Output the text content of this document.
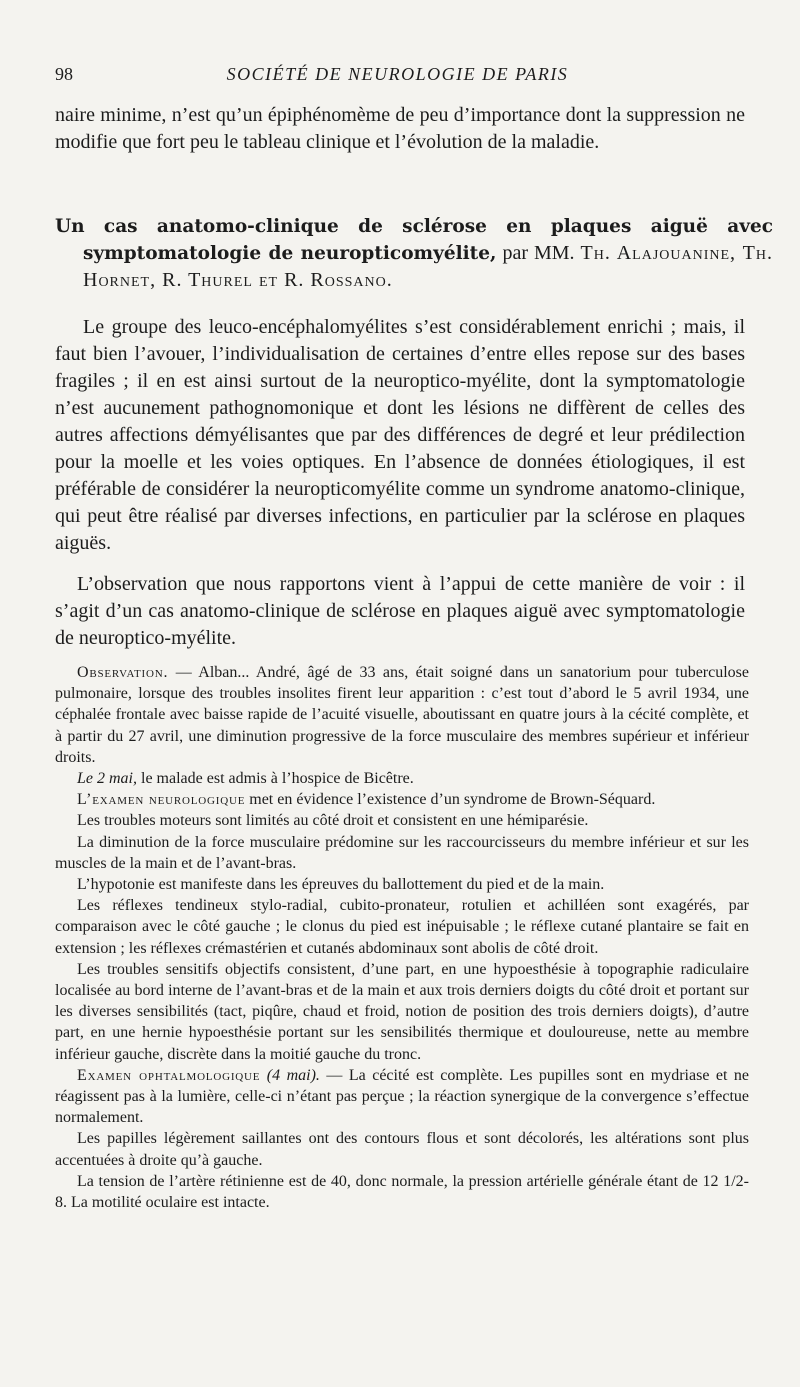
98	SOCIÉTÉ DE NEUROLOGIE DE PARIS

naire minime, n’est qu’un épiphénomème de peu d’importance dont la suppression ne modifie que fort peu le tableau clinique et l’évolution de la maladie.

Un cas anatomo-clinique de sclérose en plaques aiguë avec symptomatologie de neuropticomyélite, par MM. Th. Alajouanine, Th. Hornet, R. Thurel et R. Rossano.

Le groupe des leuco-encéphalomyélites s’est considérablement enrichi ; mais, il faut bien l’avouer, l’individualisation de certaines d’entre elles repose sur des bases fragiles ; il en est ainsi surtout de la neuroptico-myélite, dont la symptomatologie n’est aucunement pathognomonique et dont les lésions ne diffèrent de celles des autres affections démyélisantes que par des différences de degré et leur prédilection pour la moelle et les voies optiques. En l’absence de données étiologiques, il est préférable de considérer la neuropticomyélite comme un syndrome anatomo-clinique, qui peut être réalisé par diverses infections, en particulier par la sclérose en plaques aiguës.

L’observation que nous rapportons vient à l’appui de cette manière de voir : il s’agit d’un cas anatomo-clinique de sclérose en plaques aiguë avec symptomatologie de neuroptico-myélite.

Observation. — Alban... André, âgé de 33 ans, était soigné dans un sanatorium pour tuberculose pulmonaire, lorsque des troubles insolites firent leur apparition : c’est tout d’abord le 5 avril 1934, une céphalée frontale avec baisse rapide de l’acuité visuelle, aboutissant en quatre jours à la cécité complète, et à partir du 27 avril, une diminution progressive de la force musculaire des membres supérieur et inférieur droits.

Le 2 mai, le malade est admis à l’hospice de Bicêtre.

L’examen neurologique met en évidence l’existence d’un syndrome de Brown-Séquard.

Les troubles moteurs sont limités au côté droit et consistent en une hémiparésie.

La diminution de la force musculaire prédomine sur les raccourcisseurs du membre inférieur et sur les muscles de la main et de l’avant-bras.

L’hypotonie est manifeste dans les épreuves du ballottement du pied et de la main.

Les réflexes tendineux stylo-radial, cubito-pronateur, rotulien et achilléen sont exagérés, par comparaison avec le côté gauche ; le clonus du pied est inépuisable ; le réflexe cutané plantaire se fait en extension ; les réflexes crémastérien et cutanés abdominaux sont abolis de côté droit.

Les troubles sensitifs objectifs consistent, d’une part, en une hypoesthésie à topographie radiculaire localisée au bord interne de l’avant-bras et de la main et aux trois derniers doigts du côté droit et portant sur les diverses sensibilités (tact, piqûre, chaud et froid, notion de position des trois derniers doigts), d’autre part, en une hernie hypoesthésie portant sur les sensibilités thermique et douloureuse, nette au membre inférieur gauche, discrète dans la moitié gauche du tronc.

Examen ophtalmologique (4 mai). — La cécité est complète. Les pupilles sont en mydriase et ne réagissent pas à la lumière, celle-ci n’étant pas perçue ; la réaction synergique de la convergence s’effectue normalement.

Les papilles légèrement saillantes ont des contours flous et sont décolorés, les altérations sont plus accentuées à droite qu’à gauche.

La tension de l’artère rétinienne est de 40, donc normale, la pression artérielle générale étant de 12 1/2-8. La motilité oculaire est intacte.
